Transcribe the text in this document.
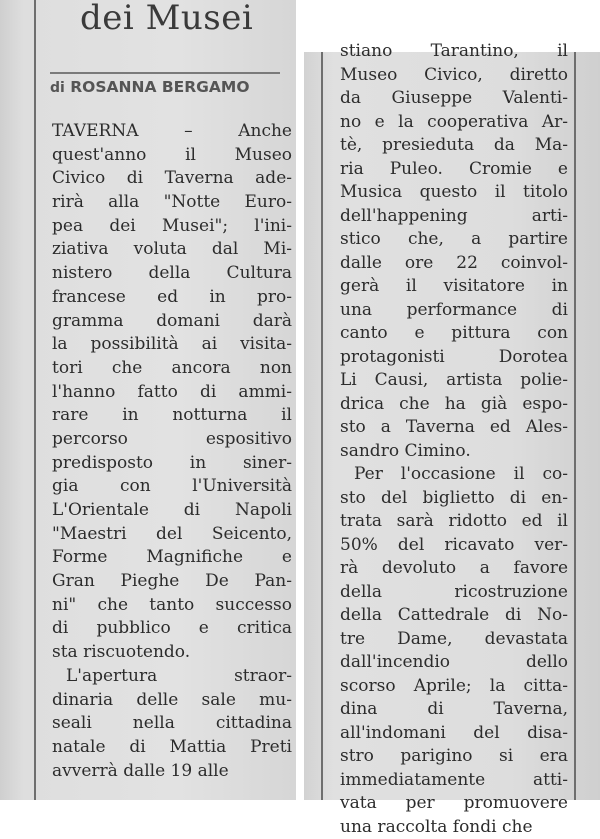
dei Musei
di ROSANNA BERGAMO
TAVERNA – Anche
quest'anno il Museo
Civico di Taverna ade-
rirà alla "Notte Euro-
pea dei Musei"; l'ini-
ziativa voluta dal Mi-
nistero della Cultura
francese ed in pro-
gramma domani darà
la possibilità ai visita-
tori che ancora non
l'hanno fatto di ammi-
rare in notturna il
percorso espositivo
predisposto in siner-
gia con l'Università
L'Orientale di Napoli
"Maestri del Seicento,
Forme Magnifiche e
Gran Pieghe De Pan-
ni" che tanto successo
di pubblico e critica
sta riscuotendo.
L'apertura straor-
dinaria delle sale mu-
seali nella cittadina
natale di Mattia Preti
avverrà dalle 19 alle
stiano Tarantino, il
Museo Civico, diretto
da Giuseppe Valenti-
no e la cooperativa Ar-
tè, presieduta da Ma-
ria Puleo. Cromie e
Musica questo il titolo
dell'happening arti-
stico che, a partire
dalle ore 22 coinvol-
gerà il visitatore in
una performance di
canto e pittura con
protagonisti Dorotea
Li Causi, artista polie-
drica che ha già espo-
sto a Taverna ed Ales-
sandro Cimino.
Per l'occasione il co-
sto del biglietto di en-
trata sarà ridotto ed il
50% del ricavato ver-
rà devoluto a favore
della ricostruzione
della Cattedrale di No-
tre Dame, devastata
dall'incendio dello
scorso Aprile; la citta-
dina di Taverna,
all'indomani del disa-
stro parigino si era
immediatamente atti-
vata per promuovere
una raccolta fondi che
